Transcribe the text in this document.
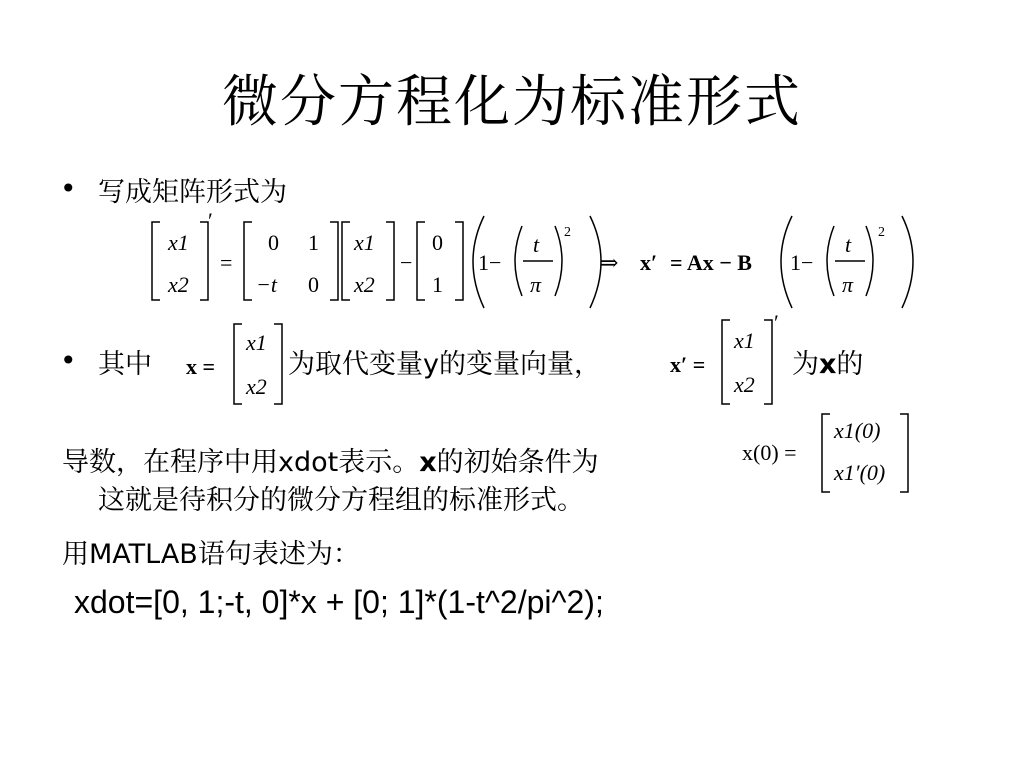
微分方程化为标准形式
• 写成矩阵形式为
x1
x2
′
=
0 1
−t 0
x1
x2
−
0
1
1−
t
π
2
⇒ x′ = Ax − B 1−
t
π
2
• 其中 x =
x1
x2
为取代变量y的变量向量，	x′ =
x1
x2
′
为x的
导数，在程序中用xdot表示。x的初始条件为
这就是待积分的微分方程组的标准形式。
x(0) =
x1(0)
x1′(0)
用MATLAB语句表述为：
xdot=[0, 1;-t, 0]*x + [0; 1]*(1-t^2/pi^2);
